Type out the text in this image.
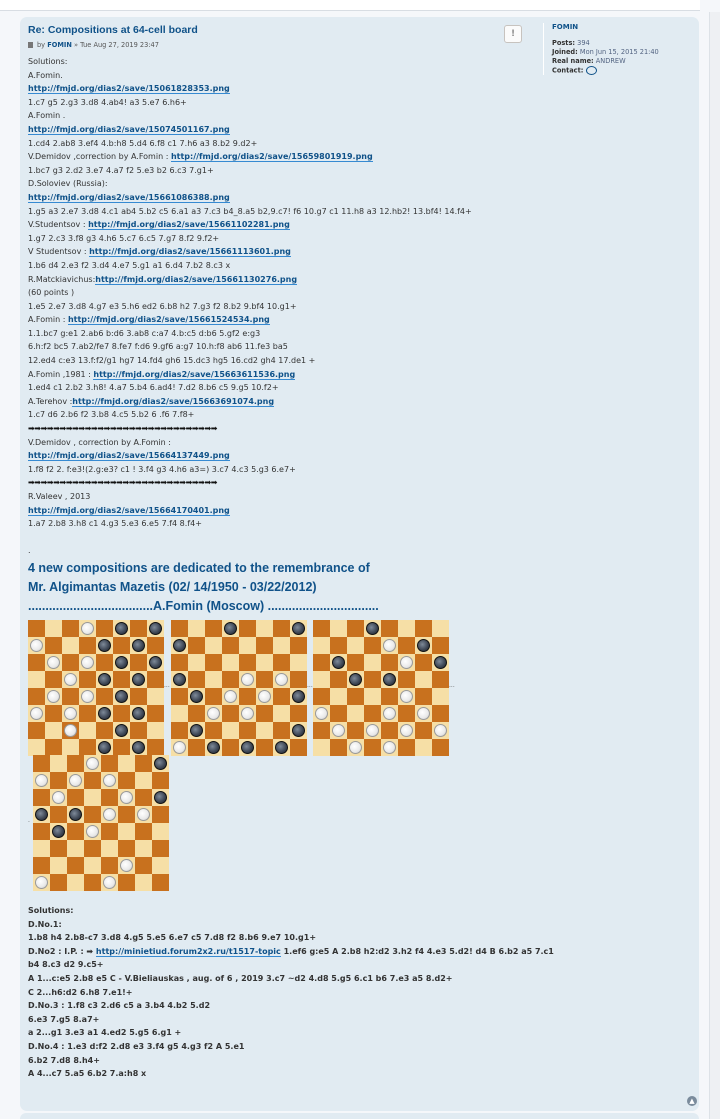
Re: Compositions at 64-cell board
by
FOMIN
» Tue Aug 27, 2019 23:47
Solutions:
A.Fomin.
http://fmjd.org/dias2/save/15061828353.png
1.c7 g5 2.g3 3.d8 4.ab4! a3 5.e7 6.h6+
A.Fomin .
http://fmjd.org/dias2/save/15074501167.png
1.cd4 2.ab8 3.ef4 4.b:h8 5.d4 6.f8 c1 7.h6 a3 8.b2 9.d2+
V.Demidov ,correction by A.Fomin : http://fmjd.org/dias2/save/15659801919.png
1.bc7 g3 2.d2 3.e7 4.a7 f2 5.e3 b2 6.c3 7.g1+
D.Soloviev (Russia):
http://fmjd.org/dias2/save/15661086388.png
1.g5 a3 2.e7 3.d8 4.c1 ab4 5.b2 c5 6.a1 a3 7.c3 b4_8.a5 b2,9.c7! f6 10.g7 c1 11.h8 a3 12.hb2! 13.bf4! 14.f4+
V.Studentsov : http://fmjd.org/dias2/save/15661102281.png
1.g7 2.c3 3.f8 g3 4.h6 5.c7 6.c5 7.g7 8.f2 9.f2+
V Studentsov : http://fmjd.org/dias2/save/15661113601.png
1.b6 d4 2.e3 f2 3.d4 4.e7 5.g1 a1 6.d4 7.b2 8.c3 x
R.Matckiavichus:http://fmjd.org/dias2/save/15661130276.png
(60 points )
1.e5 2.e7 3.d8 4.g7 e3 5.h6 ed2 6.b8 h2 7.g3 f2 8.b2 9.bf4 10.g1+
A.Fomin : http://fmjd.org/dias2/save/15661524534.png
1.1.bc7 g:e1 2.ab6 b:d6 3.ab8 c:a7 4.b:c5 d:b6 5.gf2 e:g3
6.h:f2 bc5 7.ab2/fe7 8.fe7 f:d6 9.gf6 a:g7 10.h:f8 ab6 11.fe3 ba5
12.ed4 c:e3 13.f:f2/g1 hg7 14.fd4 gh6 15.dc3 hg5 16.cd2 gh4 17.de1 +
A.Fomin ,1981 : http://fmjd.org/dias2/save/15663611536.png
1.ed4 c1 2.b2 3.h8! 4.a7 5.b4 6.ad4! 7.d2 8.b6 c5 9.g5 10.f2+
A.Terehov :http://fmjd.org/dias2/save/15663691074.png
1.c7 d6 2.b6 f2 3.b8 4.c5 5.b2 6 .f6 7.f8+
➡➡➡➡➡➡➡➡➡➡➡➡➡➡➡➡➡➡➡➡➡➡➡➡➡➡➡➡➡➡
V.Demidov , correction by A.Fomin :
http://fmjd.org/dias2/save/15664137449.png
1.f8 f2 2. f:e3!(2.g:e3? c1 ! 3.f4 g3 4.h6 a3=) 3.c7 4.c3 5.g3 6.e7+
➡➡➡➡➡➡➡➡➡➡➡➡➡➡➡➡➡➡➡➡➡➡➡➡➡➡➡➡➡➡
R.Valeev , 2013
http://fmjd.org/dias2/save/15664170401.png
1.a7 2.b8 3.h8 c1 4.g3 5.e3 6.e5 7.f4 8.f4+
.
4 new compositions are dedicated to the remembrance of
Mr. Algimantas Mazetis (02/ 14/1950 - 03/22/2012)
....................................A.Fomin (Moscow) ................................
...	...	...
.
Solutions:
D.No.1:
1.b8 h4 2.b8-c7 3.d8 4.g5 5.e5 6.e7 c5 7.d8 f2 8.b6 9.e7 10.g1+
D.No2 : I.P. : ➡ http://minietiud.forum2x2.ru/t1517-topic 1.ef6 g:e5 A 2.b8 h2:d2 3.h2 f4 4.e3 5.d2! d4 B 6.b2 a5 7.c1
b4 8.c3 d2 9.c5+
A 1...c:e5 2.b8 e5 C - V.Bieliauskas , aug. of 6 , 2019 3.c7 ~d2 4.d8 5.g5 6.c1 b6 7.e3 a5 8.d2+
C 2...h6:d2 6.h8 7.e1!+
D.No.3 : 1.f8 c3 2.d6 c5 a 3.b4 4.b2 5.d2
6.e3 7.g5 8.a7+
a 2...g1 3.e3 a1 4.ed2 5.g5 6.g1 +
D.No.4 : 1.e3 d:f2 2.d8 e3 3.f4 g5 4.g3 f2 A 5.e1
6.b2 7.d8 8.h4+
A 4...c7 5.a5 6.b2 7.a:h8 x
!
FOMIN
Posts: 394
Joined: Mon Jun 15, 2015 21:40
Real name: ANDREW
Contact:
▲
